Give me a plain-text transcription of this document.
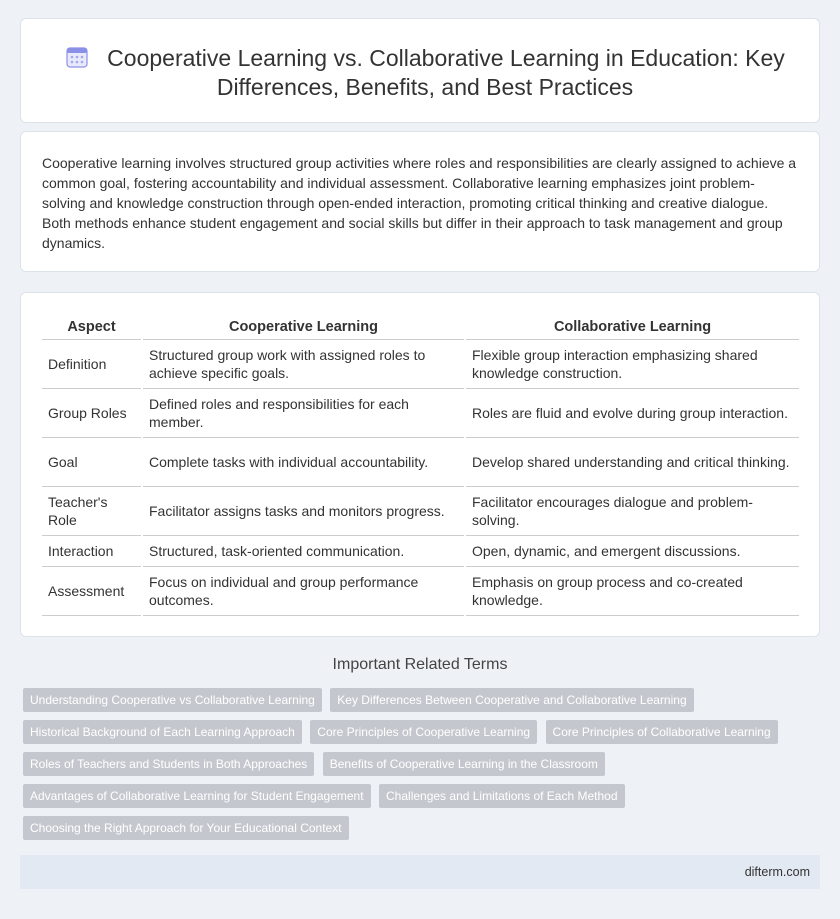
Cooperative Learning vs. Collaborative Learning in Education: Key Differences, Benefits, and Best Practices

Cooperative learning involves structured group activities where roles and responsibilities are clearly assigned to achieve a common goal, fostering accountability and individual assessment. Collaborative learning emphasizes joint problem-solving and knowledge construction through open-ended interaction, promoting critical thinking and creative dialogue. Both methods enhance student engagement and social skills but differ in their approach to task management and group dynamics.

Aspect	Cooperative Learning	Collaborative Learning
Definition	Structured group work with assigned roles to achieve specific goals.	Flexible group interaction emphasizing shared knowledge construction.
Group Roles	Defined roles and responsibilities for each member.	Roles are fluid and evolve during group interaction.
Goal	Complete tasks with individual accountability.	Develop shared understanding and critical thinking.
Teacher's Role	Facilitator assigns tasks and monitors progress.	Facilitator encourages dialogue and problem-solving.
Interaction	Structured, task-oriented communication.	Open, dynamic, and emergent discussions.
Assessment	Focus on individual and group performance outcomes.	Emphasis on group process and co-created knowledge.
Important Related Terms
Understanding Cooperative vs Collaborative Learning Key Differences Between Cooperative and Collaborative Learning Historical Background of Each Learning Approach Core Principles of Cooperative Learning Core Principles of Collaborative Learning Roles of Teachers and Students in Both Approaches Benefits of Cooperative Learning in the Classroom Advantages of Collaborative Learning for Student Engagement Challenges and Limitations of Each Method Choosing the Right Approach for Your Educational Context
difterm.com
